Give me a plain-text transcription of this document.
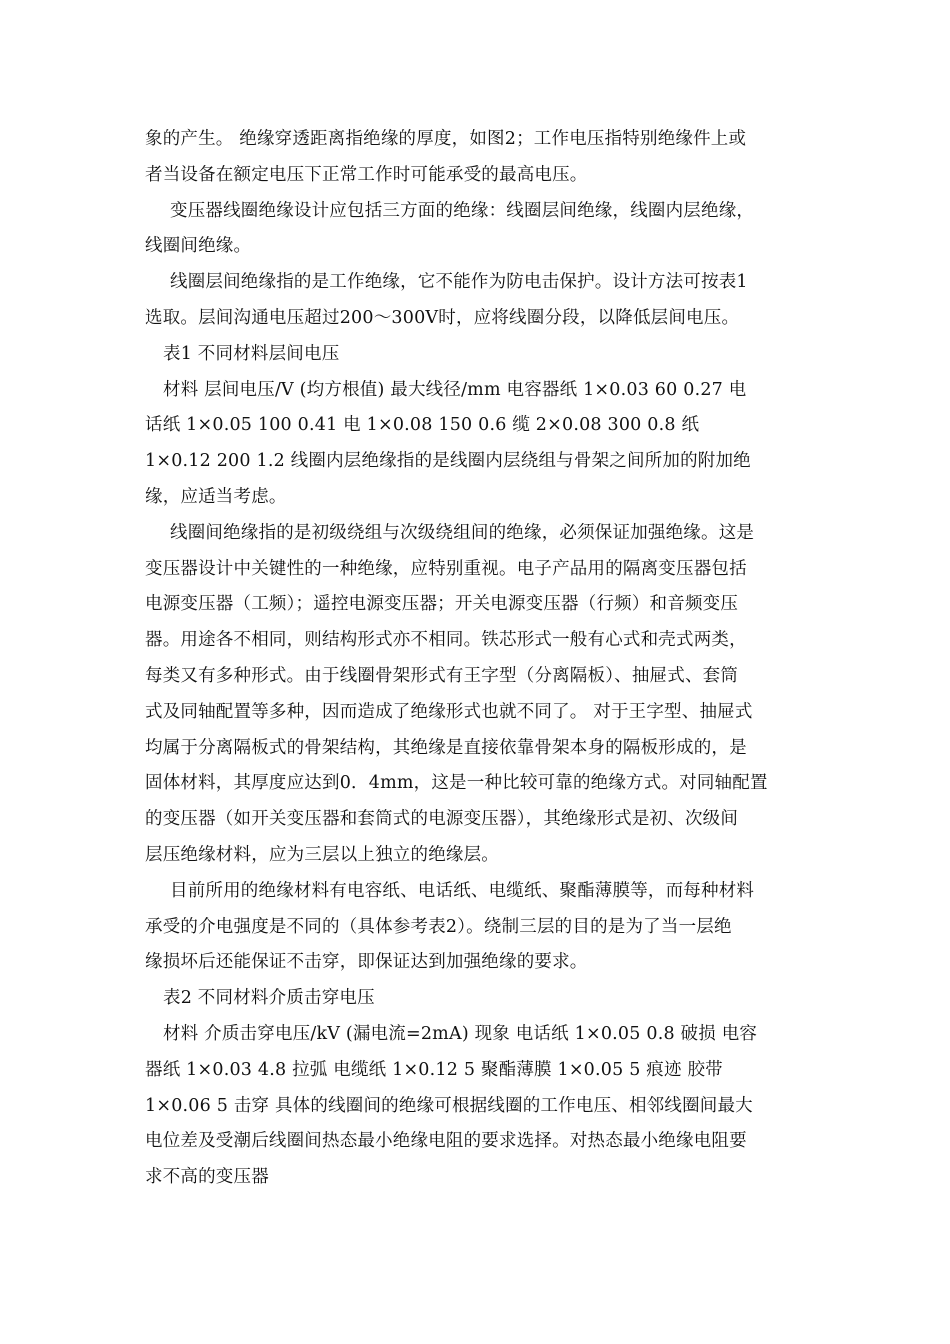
象的产生。 绝缘穿透距离指绝缘的厚度，如图2；工作电压指特别绝缘件上或
者当设备在额定电压下正常工作时可能承受的最高电压。
变压器线圈绝缘设计应包括三方面的绝缘：线圈层间绝缘，线圈内层绝缘，
线圈间绝缘。
线圈层间绝缘指的是工作绝缘，它不能作为防电击保护。设计方法可按表1
选取。层间沟通电压超过200～300V时，应将线圈分段，以降低层间电压。
表1 不同材料层间电压
材料 层间电压/V (均方根值) 最大线径/mm 电容器纸 1×0.03 60 0.27 电
话纸 1×0.05 100 0.41 电 1×0.08 150 0.6 缆 2×0.08 300 0.8 纸
1×0.12 200 1.2 线圈内层绝缘指的是线圈内层绕组与骨架之间所加的附加绝
缘，应适当考虑。
线圈间绝缘指的是初级绕组与次级绕组间的绝缘，必须保证加强绝缘。这是
变压器设计中关键性的一种绝缘，应特别重视。电子产品用的隔离变压器包括
电源变压器（工频）；遥控电源变压器；开关电源变压器（行频）和音频变压
器。用途各不相同，则结构形式亦不相同。铁芯形式一般有心式和壳式两类，
每类又有多种形式。由于线圈骨架形式有王字型（分离隔板）、抽屉式、套筒
式及同轴配置等多种，因而造成了绝缘形式也就不同了。 对于王字型、抽屉式
均属于分离隔板式的骨架结构，其绝缘是直接依靠骨架本身的隔板形成的，是
固体材料，其厚度应达到0．4mm，这是一种比较可靠的绝缘方式。对同轴配置
的变压器（如开关变压器和套筒式的电源变压器），其绝缘形式是初、次级间
层压绝缘材料，应为三层以上独立的绝缘层。
目前所用的绝缘材料有电容纸、电话纸、电缆纸、聚酯薄膜等，而每种材料
承受的介电强度是不同的（具体参考表2）。绕制三层的目的是为了当一层绝
缘损坏后还能保证不击穿，即保证达到加强绝缘的要求。
表2 不同材料介质击穿电压
材料 介质击穿电压/kV (漏电流=2mA) 现象 电话纸 1×0.05 0.8 破损 电容
器纸 1×0.03 4.8 拉弧 电缆纸 1×0.12 5 聚酯薄膜 1×0.05 5 痕迹 胶带
1×0.06 5 击穿 具体的线圈间的绝缘可根据线圈的工作电压、相邻线圈间最大
电位差及受潮后线圈间热态最小绝缘电阻的要求选择。对热态最小绝缘电阻要
求不高的变压器
